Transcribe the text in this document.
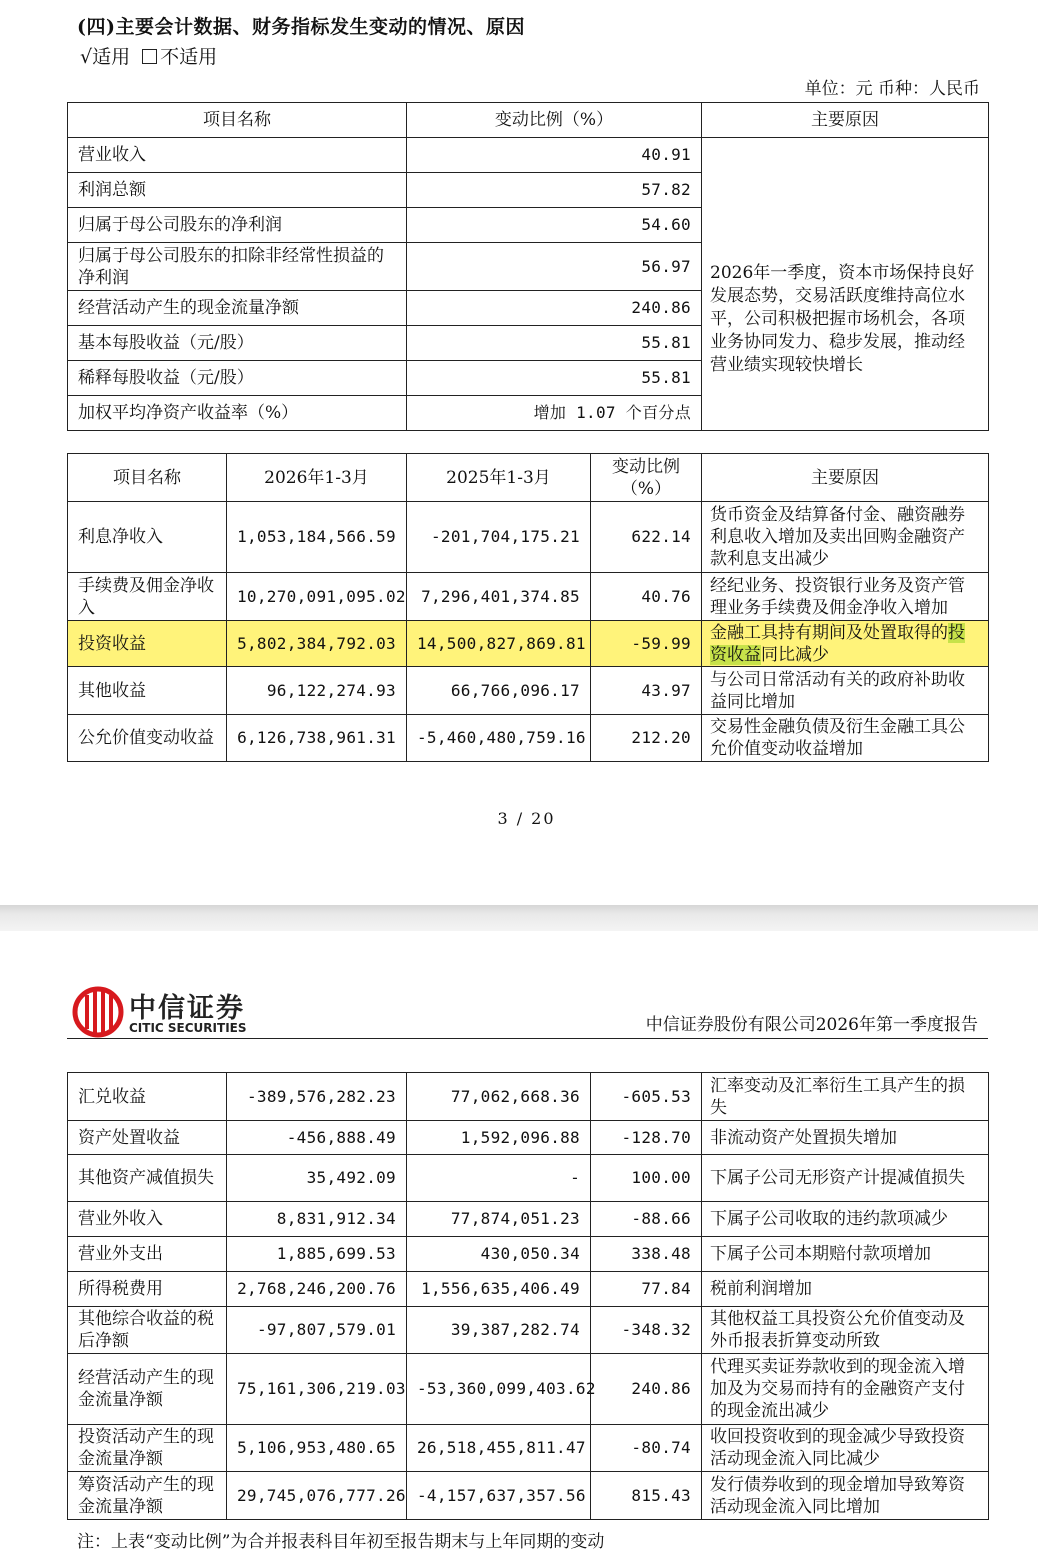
(四)主要会计数据、财务指标发生变动的情况、原因
√适用 不适用
单位：元 币种：人民币
项目名称	变动比例（%）	主要原因
营业收入	40.91	2026年一季度，资本市场保持良好发展态势，交易活跃度维持高位水平，公司积极把握市场机会，各项业务协同发力、稳步发展，推动经营业绩实现较快增长
利润总额	57.82	
归属于母公司股东的净利润	54.60	
归属于母公司股东的扣除非经常性损益的净利润	56.97	
经营活动产生的现金流量净额	240.86	
基本每股收益（元/股）	55.81	
稀释每股收益（元/股）	55.81	
加权平均净资产收益率（%）	增加 1.07 个百分点	
项目名称	2026年1-3月	2025年1-3月	变动比例（%）	主要原因
利息净收入	1,053,184,566.59	-201,704,175.21	622.14	货币资金及结算备付金、融资融券利息收入增加及卖出回购金融资产款利息支出减少
手续费及佣金净收入	10,270,091,095.02	7,296,401,374.85	40.76	经纪业务、投资银行业务及资产管理业务手续费及佣金净收入增加
投资收益	5,802,384,792.03	14,500,827,869.81	-59.99	金融工具持有期间及处置取得的投资收益同比减少
其他收益	96,122,274.93	66,766,096.17	43.97	与公司日常活动有关的政府补助收益同比增加
公允价值变动收益	6,126,738,961.31	-5,460,480,759.16	212.20	交易性金融负债及衍生金融工具公允价值变动收益增加
3 / 20
中信证券
CITIC SECURITIES	中信证券股份有限公司2026年第一季度报告
汇兑收益	-389,576,282.23	77,062,668.36	-605.53	汇率变动及汇率衍生工具产生的损失
资产处置收益	-456,888.49	1,592,096.88	-128.70	非流动资产处置损失增加
其他资产减值损失	35,492.09	-	100.00	下属子公司无形资产计提减值损失
营业外收入	8,831,912.34	77,874,051.23	-88.66	下属子公司收取的违约款项减少
营业外支出	1,885,699.53	430,050.34	338.48	下属子公司本期赔付款项增加
所得税费用	2,768,246,200.76	1,556,635,406.49	77.84	税前利润增加
其他综合收益的税后净额	-97,807,579.01	39,387,282.74	-348.32	其他权益工具投资公允价值变动及外币报表折算变动所致
经营活动产生的现金流量净额	75,161,306,219.03	-53,360,099,403.62	240.86	代理买卖证券款收到的现金流入增加及为交易而持有的金融资产支付的现金流出减少
投资活动产生的现金流量净额	5,106,953,480.65	26,518,455,811.47	-80.74	收回投资收到的现金减少导致投资活动现金流入同比减少
筹资活动产生的现金流量净额	29,745,076,777.26	-4,157,637,357.56	815.43	发行债券收到的现金增加导致筹资活动现金流入同比增加
注：上表“变动比例”为合并报表科目年初至报告期末与上年同期的变动
